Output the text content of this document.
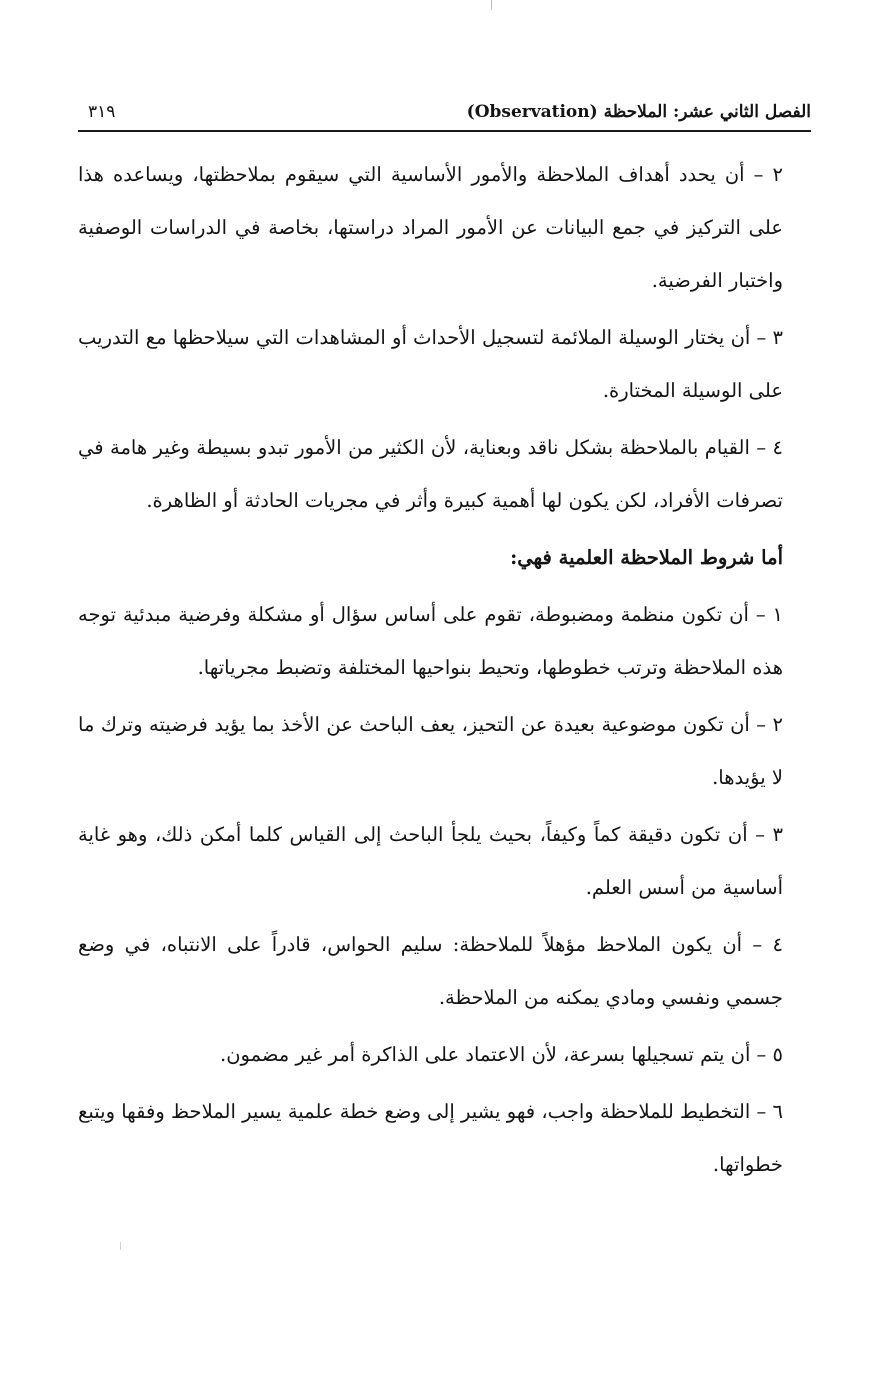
الفصل الثاني عشر: الملاحظة (Observation)
٣١٩

٢ – أن يحدد أهداف الملاحظة والأمور الأساسية التي سيقوم بملاحظتها، ويساعده هذا على التركيز في جمع البيانات عن الأمور المراد دراستها، بخاصة في الدراسات الوصفية واختبار الفرضية.

٣ – أن يختار الوسيلة الملائمة لتسجيل الأحداث أو المشاهدات التي سيلاحظها مع التدريب على الوسيلة المختارة.

٤ – القيام بالملاحظة بشكل ناقد وبعناية، لأن الكثير من الأمور تبدو بسيطة وغير هامة في تصرفات الأفراد، لكن يكون لها أهمية كبيرة وأثر في مجريات الحادثة أو الظاهرة.

أما شروط الملاحظة العلمية فهي:

١ – أن تكون منظمة ومضبوطة، تقوم على أساس سؤال أو مشكلة وفرضية مبدئية توجه هذه الملاحظة وترتب خطوطها، وتحيط بنواحيها المختلفة وتضبط مجرياتها.

٢ – أن تكون موضوعية بعيدة عن التحيز، يعف الباحث عن الأخذ بما يؤيد فرضيته وترك ما لا يؤيدها.

٣ – أن تكون دقيقة كماً وكيفاً، بحيث يلجأ الباحث إلى القياس كلما أمكن ذلك، وهو غاية أساسية من أسس العلم.

٤ – أن يكون الملاحظ مؤهلاً للملاحظة: سليم الحواس، قادراً على الانتباه، في وضع جسمي ونفسي ومادي يمكنه من الملاحظة.

٥ – أن يتم تسجيلها بسرعة، لأن الاعتماد على الذاكرة أمر غير مضمون.

٦ – التخطيط للملاحظة واجب، فهو يشير إلى وضع خطة علمية يسير الملاحظ وفقها ويتبع خطواتها.
